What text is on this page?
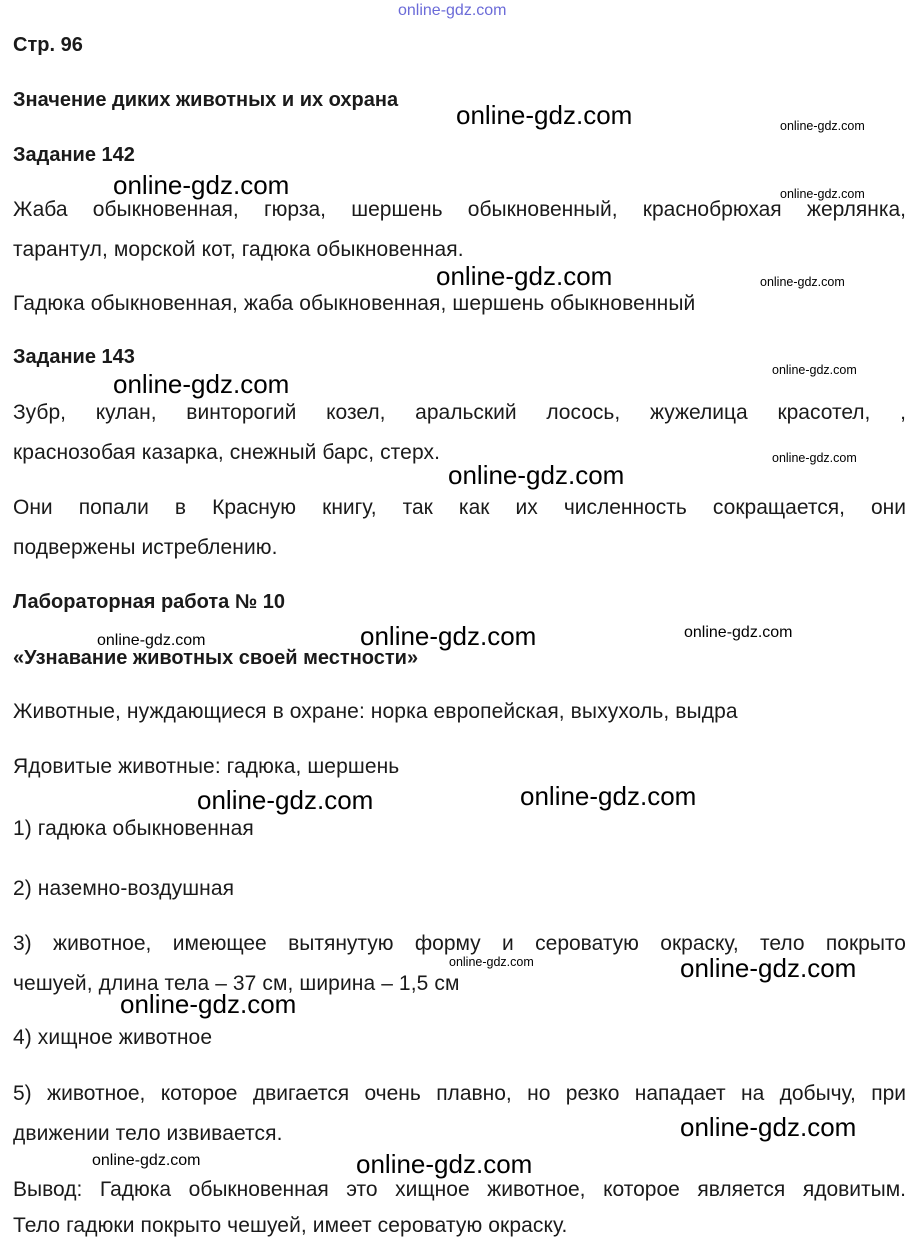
online-gdz.com
Стр. 96
Значение диких животных и их охрана
Задание 142
Жаба обыкновенная, гюрза, шершень обыкновенный, краснобрюхая жерлянка,
тарантул, морской кот, гадюка обыкновенная.
Гадюка обыкновенная, жаба обыкновенная, шершень обыкновенный
Задание 143
Зубр, кулан, винторогий козел, аральский лосось, жужелица красотел, ,
краснозобая казарка, снежный барс, стерх.
Они попали в Красную книгу, так как их численность сокращается, они
подвержены истреблению.
Лабораторная работа № 10
«Узнавание животных своей местности»
Животные, нуждающиеся в охране: норка европейская, выхухоль, выдра
Ядовитые животные: гадюка, шершень
1) гадюка обыкновенная
2) наземно-воздушная
3) животное, имеющее вытянутую форму и сероватую окраску, тело покрыто
чешуей, длина тела – 37 см, ширина – 1,5 см
4) хищное животное
5) животное, которое двигается очень плавно, но резко нападает на добычу, при
движении тело извивается.
Вывод: Гадюка обыкновенная это хищное животное, которое является ядовитым.
Тело гадюки покрыто чешуей, имеет сероватую окраску.
online-gdz.com
online-gdz.com
online-gdz.com
online-gdz.com
online-gdz.com
online-gdz.com
online-gdz.com	online-gdz.com
online-gdz.com
online-gdz.com
online-gdz.com
online-gdz.com
online-gdz.com
online-gdz.com
online-gdz.com
online-gdz.com
online-gdz.com
online-gdz.com	online-gdz.com
online-gdz.com
online-gdz.com
